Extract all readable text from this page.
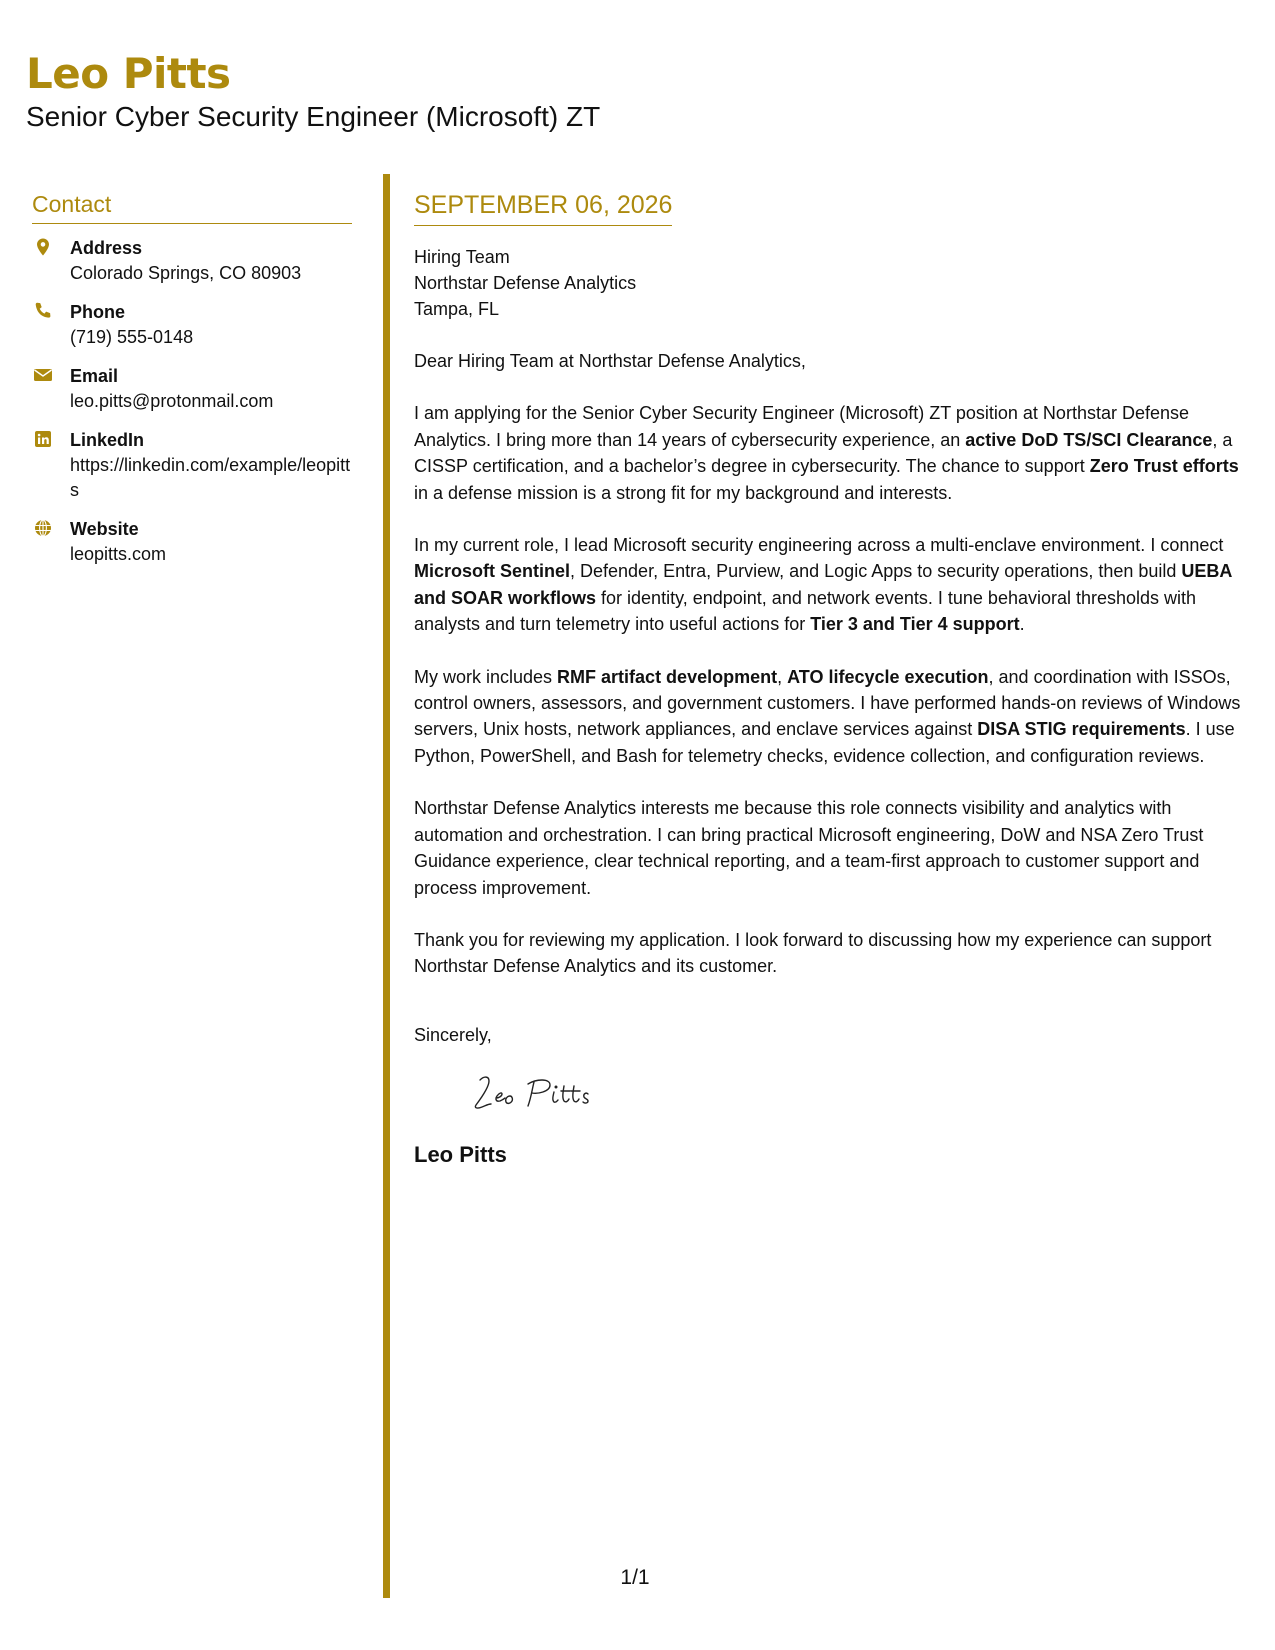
Leo Pitts
Senior Cyber Security Engineer (Microsoft) ZT
Contact
Address
Colorado Springs, CO 80903
Phone
(719) 555-0148
Email
leo.pitts@protonmail.com
LinkedIn
https://linkedin.com/example/leopitts
Website
leopitts.com
SEPTEMBER 06, 2026
Hiring Team
Northstar Defense Analytics
Tampa, FL
Dear Hiring Team at Northstar Defense Analytics,
I am applying for the Senior Cyber Security Engineer (Microsoft) ZT position at Northstar Defense Analytics. I bring more than 14 years of cybersecurity experience, an active DoD TS/SCI Clearance, a CISSP certification, and a bachelor’s degree in cybersecurity. The chance to support Zero Trust efforts in a defense mission is a strong fit for my background and interests.
In my current role, I lead Microsoft security engineering across a multi-enclave environment. I connect Microsoft Sentinel, Defender, Entra, Purview, and Logic Apps to security operations, then build UEBA and SOAR workflows for identity, endpoint, and network events. I tune behavioral thresholds with analysts and turn telemetry into useful actions for Tier 3 and Tier 4 support.
My work includes RMF artifact development, ATO lifecycle execution, and coordination with ISSOs, control owners, assessors, and government customers. I have performed hands-on reviews of Windows servers, Unix hosts, network appliances, and enclave services against DISA STIG requirements. I use Python, PowerShell, and Bash for telemetry checks, evidence collection, and configuration reviews.
Northstar Defense Analytics interests me because this role connects visibility and analytics with automation and orchestration. I can bring practical Microsoft engineering, DoW and NSA Zero Trust Guidance experience, clear technical reporting, and a team-first approach to customer support and process improvement.
Thank you for reviewing my application. I look forward to discussing how my experience can support Northstar Defense Analytics and its customer.
Sincerely,
Leo Pitts
1/1
